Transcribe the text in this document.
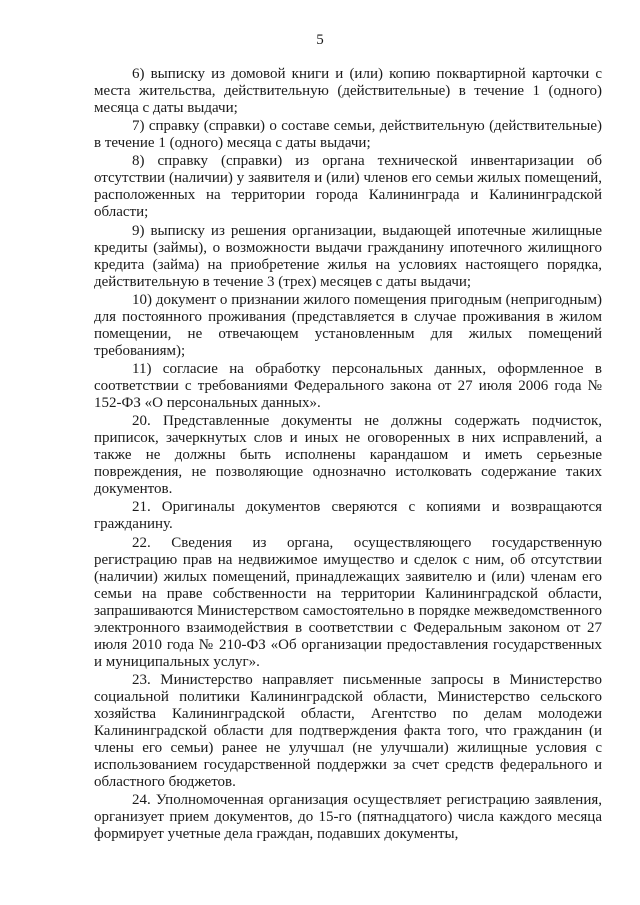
5

6) выписку из домовой книги и (или) копию поквартирной карточки с места жительства, действительную (действительные) в течение 1 (одного) месяца с даты выдачи;

7) справку (справки) о составе семьи, действительную (действительные) в течение 1 (одного) месяца с даты выдачи;

8) справку (справки) из органа технической инвентаризации об отсутствии (наличии) у заявителя и (или) членов его семьи жилых помещений, расположенных на территории города Калининграда и Калининградской области;

9) выписку из решения организации, выдающей ипотечные жилищные кредиты (займы), о возможности выдачи гражданину ипотечного жилищного кредита (займа) на приобретение жилья на условиях настоящего порядка, действительную в течение 3 (трех) месяцев с даты выдачи;

10) документ о признании жилого помещения пригодным (непригодным) для постоянного проживания (представляется в случае проживания в жилом помещении, не отвечающем установленным для жилых помещений требованиям);

11) согласие на обработку персональных данных, оформленное в соответствии с требованиями Федерального закона от 27 июля 2006 года № 152-ФЗ «О персональных данных».

20. Представленные документы не должны содержать подчисток, приписок, зачеркнутых слов и иных не оговоренных в них исправлений, а также не должны быть исполнены карандашом и иметь серьезные повреждения, не позволяющие однозначно истолковать содержание таких документов.

21. Оригиналы документов сверяются с копиями и возвращаются гражданину.

22. Сведения из органа, осуществляющего государственную регистрацию прав на недвижимое имущество и сделок с ним, об отсутствии (наличии) жилых помещений, принадлежащих заявителю и (или) членам его семьи на праве собственности на территории Калининградской области, запрашиваются Министерством самостоятельно в порядке межведомственного электронного взаимодействия в соответствии с Федеральным законом от 27 июля 2010 года № 210-ФЗ «Об организации предоставления государственных и муниципальных услуг».

23. Министерство направляет письменные запросы в Министерство социальной политики Калининградской области, Министерство сельского хозяйства Калининградской области, Агентство по делам молодежи Калининградской области для подтверждения факта того, что гражданин (и члены его семьи) ранее не улучшал (не улучшали) жилищные условия с использованием государственной поддержки за счет средств федерального и областного бюджетов.

24. Уполномоченная организация осуществляет регистрацию заявления, организует прием документов, до 15-го (пятнадцатого) числа каждого месяца формирует учетные дела граждан, подавших документы,
